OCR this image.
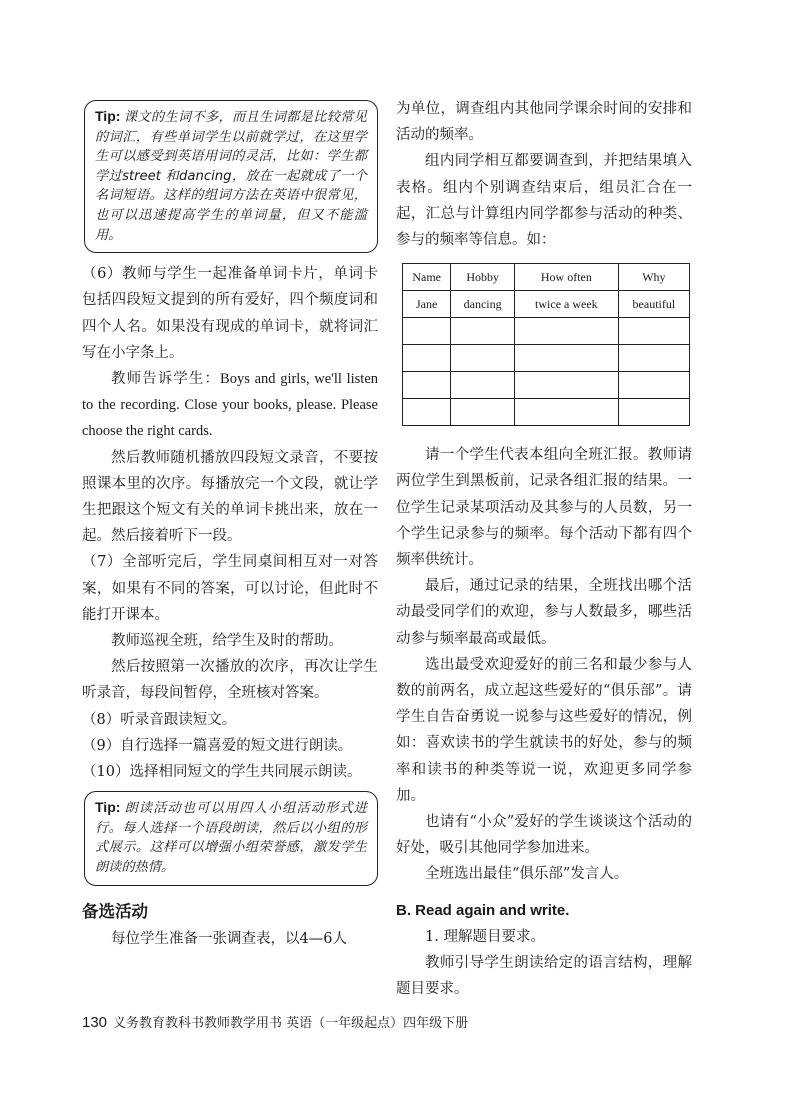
Tip: 课文的生词不多，而且生词都是比较常见的词汇，有些单词学生以前就学过，在这里学生可以感受到英语用词的灵活，比如：学生都学过street 和dancing，放在一起就成了一个名词短语。这样的组词方法在英语中很常见，也可以迅速提高学生的单词量，但又不能滥用。

（6）教师与学生一起准备单词卡片，单词卡包括四段短文提到的所有爱好，四个频度词和四个人名。如果没有现成的单词卡，就将词汇写在小字条上。

教师告诉学生：Boys and girls, we'll listen to the recording. Close your books, please. Please choose the right cards.

然后教师随机播放四段短文录音，不要按照课本里的次序。每播放完一个文段，就让学生把跟这个短文有关的单词卡挑出来，放在一起。然后接着听下一段。

（7）全部听完后，学生同桌间相互对一对答案，如果有不同的答案，可以讨论，但此时不能打开课本。

教师巡视全班，给学生及时的帮助。

然后按照第一次播放的次序，再次让学生听录音，每段间暂停，全班核对答案。

（8）听录音跟读短文。

（9）自行选择一篇喜爱的短文进行朗读。

（10）选择相同短文的学生共同展示朗读。

Tip: 朗读活动也可以用四人小组活动形式进行。每人选择一个语段朗读，然后以小组的形式展示。这样可以增强小组荣誉感，激发学生朗读的热情。
备选活动

每位学生准备一张调查表，以4—6人

为单位，调查组内其他同学课余时间的安排和活动的频率。

组内同学相互都要调查到，并把结果填入表格。组内个别调查结束后，组员汇合在一起，汇总与计算组内同学都参与活动的种类、参与的频率等信息。如：

Name	Hobby	How often	Why
Jane	dancing	twice a week	beautiful

请一个学生代表本组向全班汇报。教师请两位学生到黑板前，记录各组汇报的结果。一位学生记录某项活动及其参与的人员数，另一个学生记录参与的频率。每个活动下都有四个频率供统计。

最后，通过记录的结果，全班找出哪个活动最受同学们的欢迎，参与人数最多，哪些活动参与频率最高或最低。

选出最受欢迎爱好的前三名和最少参与人数的前两名，成立起这些爱好的“俱乐部”。请学生自告奋勇说一说参与这些爱好的情况，例如：喜欢读书的学生就读书的好处，参与的频率和读书的种类等说一说，欢迎更多同学参加。

也请有“小众”爱好的学生谈谈这个活动的好处，吸引其他同学参加进来。

全班选出最佳“俱乐部”发言人。

B. Read again and write.

1. 理解题目要求。

教师引导学生朗读给定的语言结构，理解题目要求。

130 义务教育教科书教师教学用书 英语（一年级起点）四年级下册
